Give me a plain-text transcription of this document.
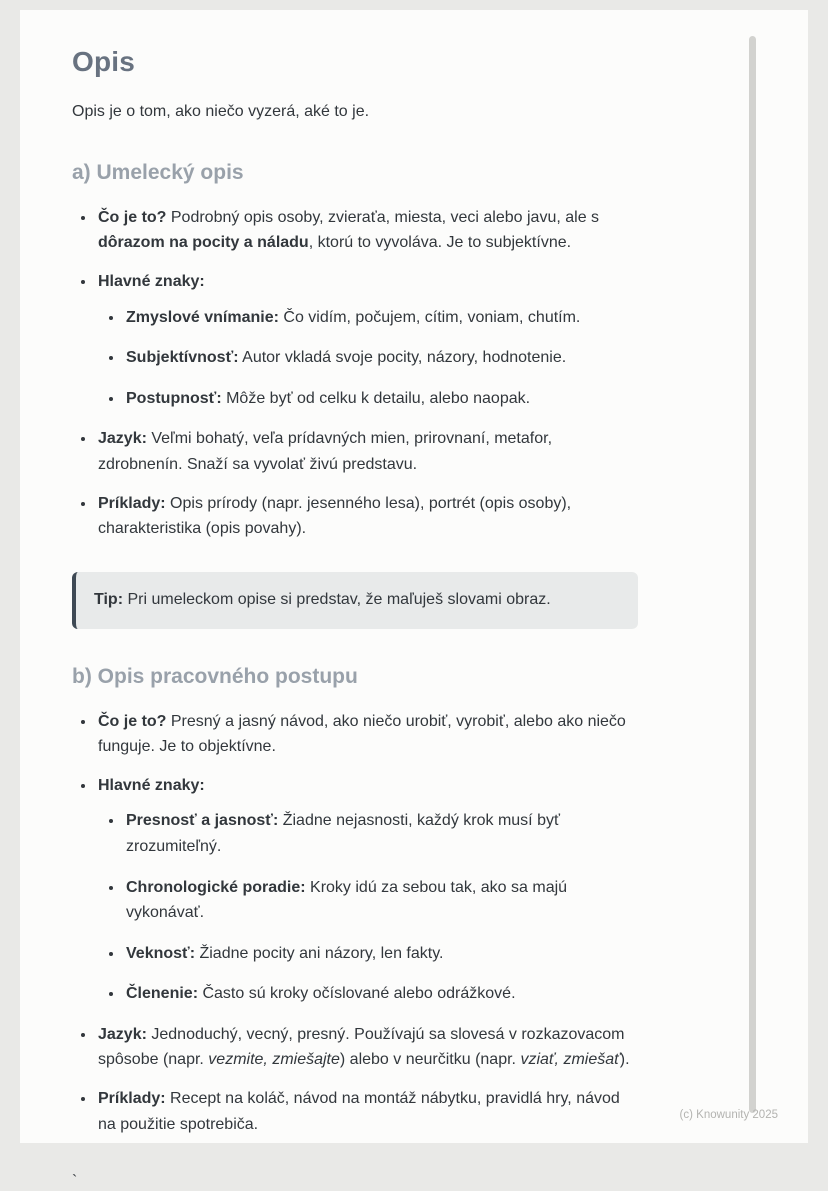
Opis

Opis je o tom, ako niečo vyzerá, aké to je.

a) Umelecký opis
• Čo je to? Podrobný opis osoby, zvieraťa, miesta, veci alebo javu, ale s dôrazom na pocity a náladu, ktorú to vyvoláva. Je to subjektívne.
• Hlavné znaky:
• Zmyslové vnímanie: Čo vidím, počujem, cítim, voniam, chutím.
• Subjektívnosť: Autor vkladá svoje pocity, názory, hodnotenie.
• Postupnosť: Môže byť od celku k detailu, alebo naopak.
• Jazyk: Veľmi bohatý, veľa prídavných mien, prirovnaní, metafor, zdrobnenín. Snaží sa vyvolať živú predstavu.
• Príklady: Opis prírody (napr. jesenného lesa), portrét (opis osoby), charakteristika (opis povahy).
Tip: Pri umeleckom opise si predstav, že maľuješ slovami obraz.
b) Opis pracovného postupu
• Čo je to? Presný a jasný návod, ako niečo urobiť, vyrobiť, alebo ako niečo funguje. Je to objektívne.
• Hlavné znaky:
• Presnosť a jasnosť: Žiadne nejasnosti, každý krok musí byť zrozumiteľný.
• Chronologické poradie: Kroky idú za sebou tak, ako sa majú vykonávať.
• Veknosť: Žiadne pocity ani názory, len fakty.
• Členenie: Často sú kroky očíslované alebo odrážkové.
• Jazyk: Jednoduchý, vecný, presný. Používajú sa slovesá v rozkazovacom spôsobe (napr. vezmite, zmiešajte) alebo v neurčitku (napr. vziať, zmiešať).
• Príklady: Recept na koláč, návod na montáž nábytku, pravidlá hry, návod na použitie spotrebiča.
`
(c) Knowunity 2025
